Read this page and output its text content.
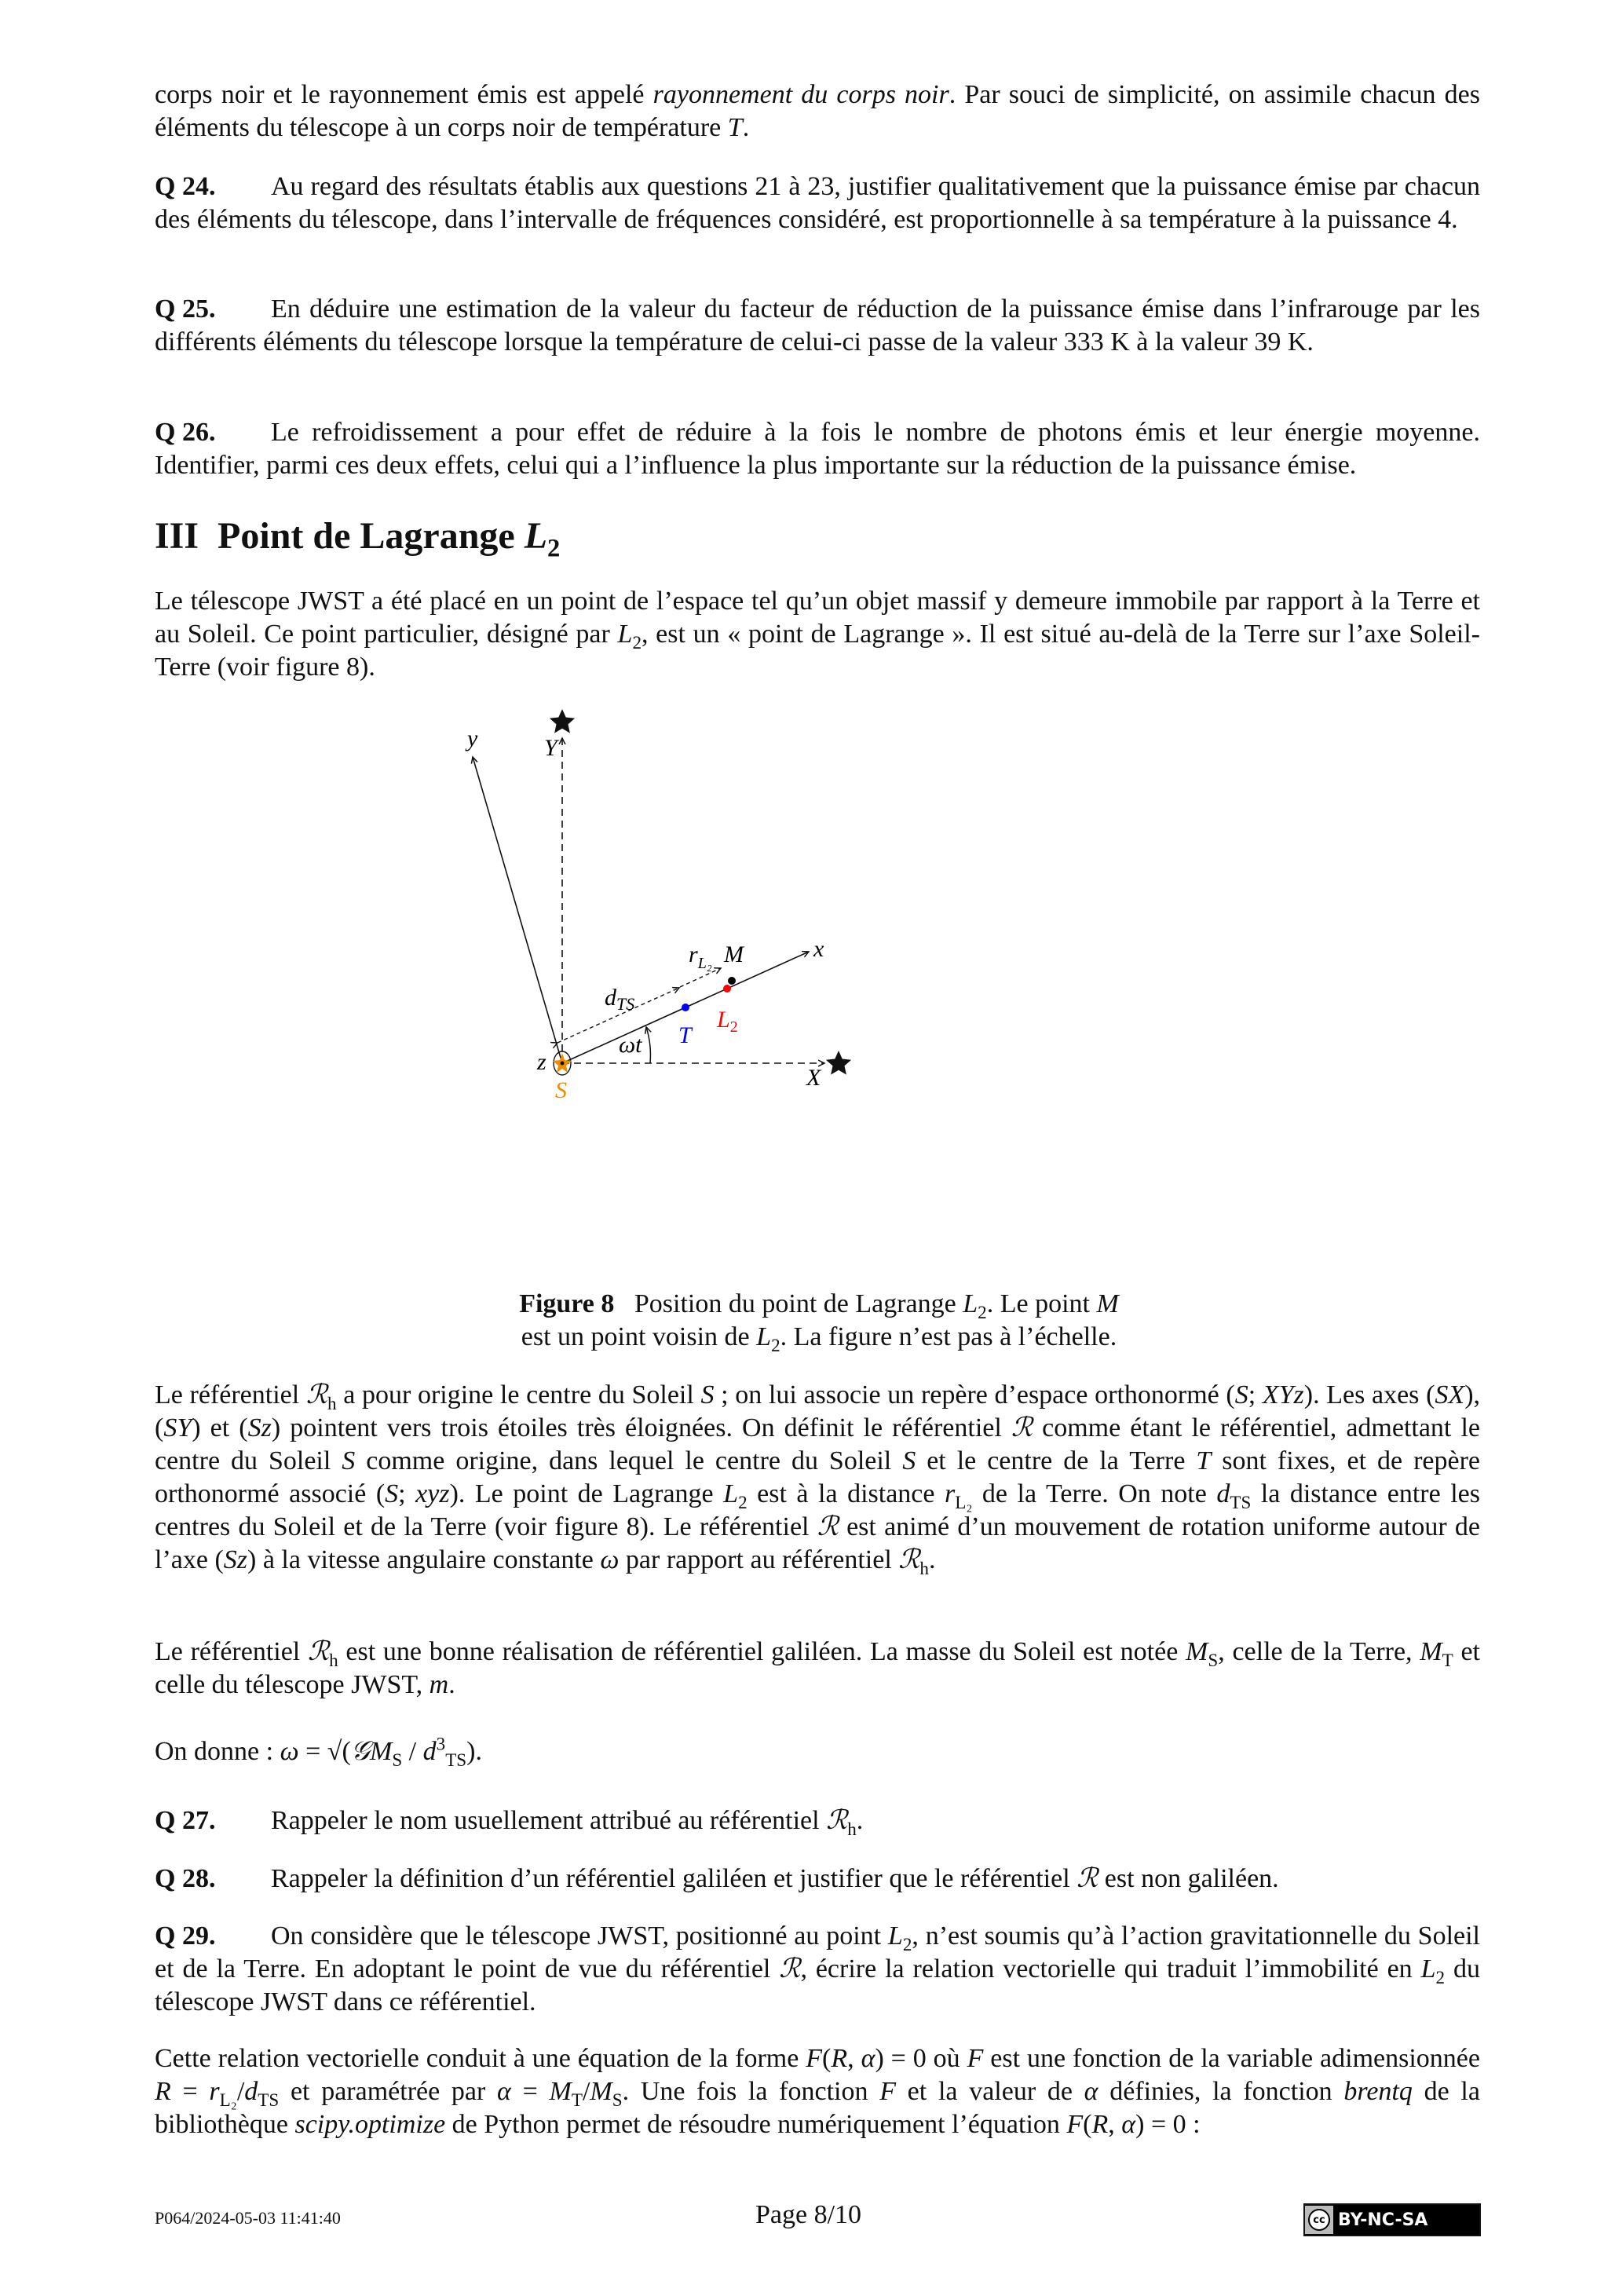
corps noir et le rayonnement émis est appelé rayonnement du corps noir. Par souci de simplicité, on assimile chacun des éléments du télescope à un corps noir de température T.
Q 24. Au regard des résultats établis aux questions 21 à 23, justifier qualitativement que la puissance émise par chacun des éléments du télescope, dans l’intervalle de fréquences considéré, est proportionnelle à sa température à la puissance 4.
Q 25. En déduire une estimation de la valeur du facteur de réduction de la puissance émise dans l’infrarouge par les différents éléments du télescope lorsque la température de celui-ci passe de la valeur 333 K à la valeur 39 K.
Q 26. Le refroidissement a pour effet de réduire à la fois le nombre de photons émis et leur énergie moyenne. Identifier, parmi ces deux effets, celui qui a l’influence la plus importante sur la réduction de la puissance émise.
III Point de Lagrange $L_2$
Le télescope JWST a été placé en un point de l’espace tel qu’un objet massif y demeure immobile par rapport à la Terre et au Soleil. Ce point particulier, désigné par $L_2$, est un « point de Lagrange ». Il est situé au-delà de la Terre sur l’axe Soleil-Terre (voir figure 8).
y	Y
x
X
z
S
T
$L_2$
M
$d_{TS}$
$r_{L_2}$
ωt
Figure 8 Position du point de Lagrange $L_2$. Le point M
est un point voisin de $L_2$. La figure n’est pas à l’échelle.
Le référentiel ℛ$_h$ a pour origine le centre du Soleil S ; on lui associe un repère d’espace orthonormé (S; XYz). Les axes (SX), (SY) et (Sz) pointent vers trois étoiles très éloignées. On définit le référentiel ℛ comme étant le référentiel, admettant le centre du Soleil S comme origine, dans lequel le centre du Soleil S et le centre de la Terre T sont fixes, et de repère orthonormé associé (S; xyz). Le point de Lagrange $L_2$ est à la distance $r_{L_2}$ de la Terre. On note $d_{TS}$ la distance entre les centres du Soleil et de la Terre (voir figure 8). Le référentiel ℛ est animé d’un mouvement de rotation uniforme autour de l’axe (Sz) à la vitesse angulaire constante ω par rapport au référentiel ℛ$_h$.
Le référentiel ℛ$_h$ est une bonne réalisation de référentiel galiléen. La masse du Soleil est notée $M_S$, celle de la Terre, $M_T$ et celle du télescope JWST, m.
On donne : ω = √(𝒢M$_S$ / $d^3_{TS}$).
Q 27. Rappeler le nom usuellement attribué au référentiel ℛ$_h$.
Q 28. Rappeler la définition d’un référentiel galiléen et justifier que le référentiel ℛ est non galiléen.
Q 29. On considère que le télescope JWST, positionné au point $L_2$, n’est soumis qu’à l’action gravitationnelle du Soleil et de la Terre. En adoptant le point de vue du référentiel ℛ, écrire la relation vectorielle qui traduit l’immobilité en $L_2$ du télescope JWST dans ce référentiel.
Cette relation vectorielle conduit à une équation de la forme F(R, α) = 0 où F est une fonction de la variable adimensionnée $R = r_{L_2}/d_{TS}$ et paramétrée par $\alpha = M_T/M_S$. Une fois la fonction F et la valeur de α définies, la fonction brentq de la bibliothèque scipy.optimize de Python permet de résoudre numériquement l’équation F(R, α) = 0 :
P064/2024-05-03 11:41:40	Page 8/10	cc BY-NC-SA
